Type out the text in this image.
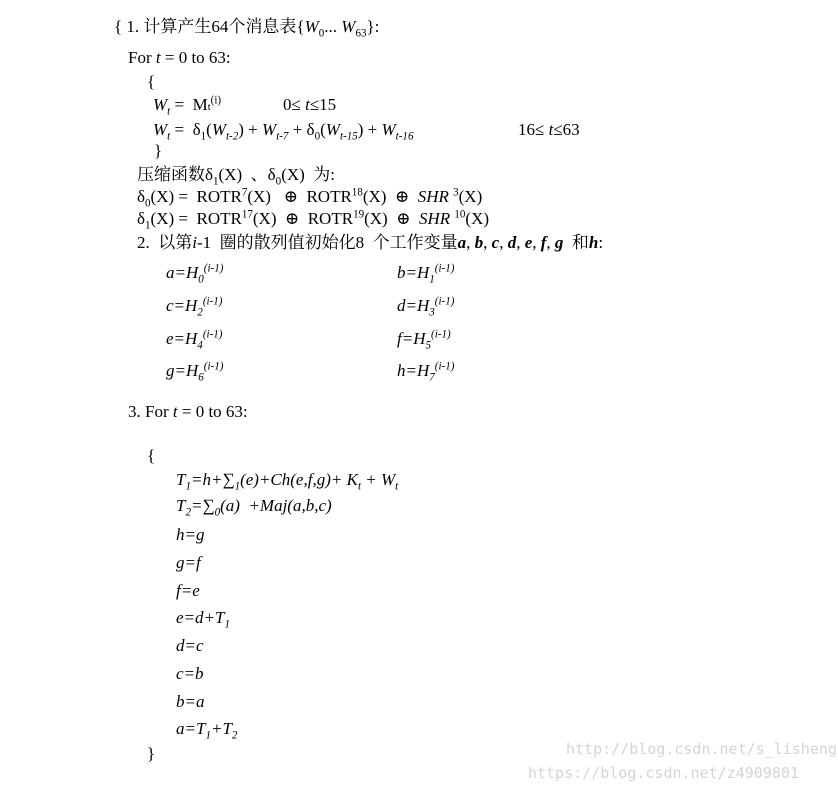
{ 1. 计算产生64个消息表{$W_0$... $W_{63}$}:
For t = 0 to 63:
{
$W_t = Mt^{(i)}$	0≤ t≤15
$W_t = \delta_1(W_{t-2}) + W_{t-7} + \delta_0(W_{t-15}) + W_{t-16}$	16≤ t≤63
}
压缩函数$\delta_1(X)$  、$\delta_0(X)$  为:
$\delta_0(X)$ =  ROTR$^7$(X)   ⊕  ROTR$^{18}$(X)  ⊕  SHR $^3$(X)
$\delta_1(X)$ =  ROTR$^{17}$(X)  ⊕  ROTR$^{19}$(X)  ⊕  SHR $^{10}$(X)
2.  以第i-1  圈的散列值初始化8  个工作变量a, b, c, d, e, f, g  和h:
$a=H_0^{(i-1)}$	$b=H_1^{(i-1)}$
$c=H_2^{(i-1)}$	$d=H_3^{(i-1)}$
$e=H_4^{(i-1)}$	$f=H_5^{(i-1)}$
$g=H_6^{(i-1)}$	$h=H_7^{(i-1)}$
3. For t = 0 to 63:
{
$T_1=h+\sum_1(e)+Ch(e,f,g)+ K_t + W_t$
$T_2=\sum_0(a) +Maj(a,b,c)$
h=g
g=f
f=e
$e=d+T_1$
d=c
c=b
b=a
$a=T_1+T_2$
}	http://blog.csdn.net/s_lisheng
https://blog.csdn.net/z4909801
